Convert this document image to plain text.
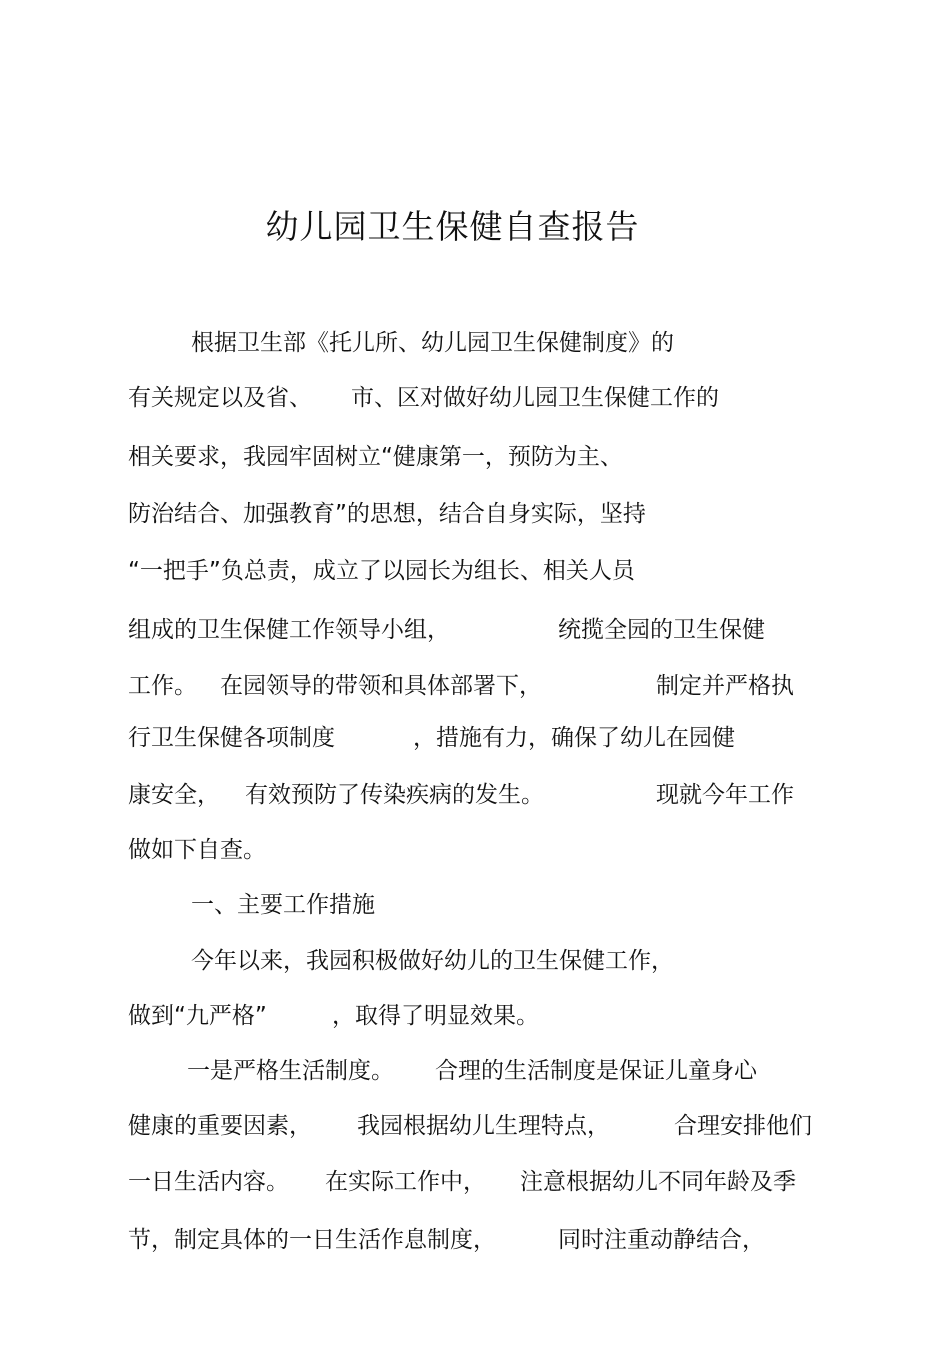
幼儿园卫生保健自查报告
根据卫生部《托儿所、幼儿园卫生保健制度》的
有关规定以及省、 市、区对做好幼儿园卫生保健工作的
相关要求，我园牢固树立“健康第一，预防为主、
防治结合、加强教育”的思想，结合自身实际，坚持
“一把手”负总责，成立了以园长为组长、相关人员
组成的卫生保健工作领导小组，	统揽全园的卫生保健
工作。 在园领导的带领和具体部署下，	制定并严格执
行卫生保健各项制度	，措施有力，确保了幼儿在园健
康安全， 有效预防了传染疾病的发生。	现就今年工作
做如下自查。
一、主要工作措施
今年以来，我园积极做好幼儿的卫生保健工作，
做到“九严格”	，取得了明显效果。
一是严格生活制度。 合理的生活制度是保证儿童身心
健康的重要因素， 我园根据幼儿生理特点，	合理安排他们
一日生活内容。 在实际工作中， 注意根据幼儿不同年龄及季
节，制定具体的一日生活作息制度，	同时注重动静结合，
